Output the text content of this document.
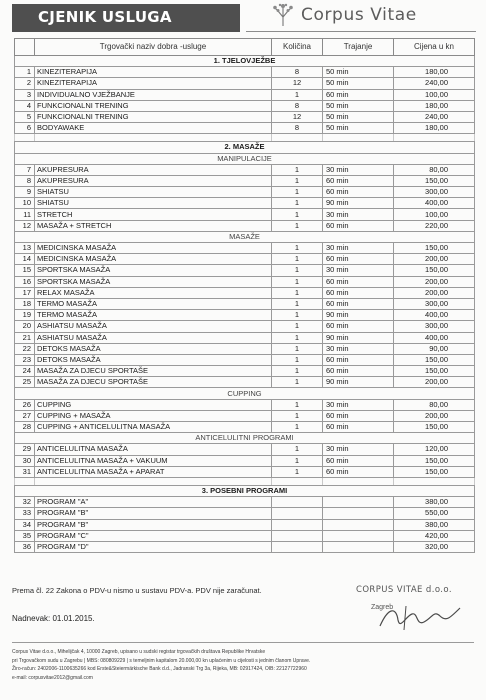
CJENIK USLUGA	Corpus Vitae
	Trgovački naziv dobra -usluge	Količina	Trajanje	Cijena u kn
1. TJELOVJEŽBE				
1	KINEZITERAPIJA	8	50 min	180,00
2	KINEZITERAPIJA	12	50 min	240,00
3	INDIVIDUALNO VJEŽBANJE	1	60 min	100,00
4	FUNKCIONALNI TRENING	8	50 min	180,00
5	FUNKCIONALNI TRENING	12	50 min	240,00
6	BODYAWAKE	8	50 min	180,00

2. MASAŽE				
MANIPULACIJE				
7	AKUPRESURA	1	30 min	80,00
8	AKUPRESURA	1	60 min	150,00
9	SHIATSU	1	60 min	300,00
10	SHIATSU	1	90 min	400,00
11	STRETCH	1	30 min	100,00
12	MASAŽA + STRETCH	1	60 min	220,00
MASAŽE				
13	MEDICINSKA MASAŽA	1	30 min	150,00
14	MEDICINSKA MASAŽA	1	60 min	200,00
15	SPORTSKA MASAŽA	1	30 min	150,00
16	SPORTSKA MASAŽA	1	60 min	200,00
17	RELAX MASAŽA	1	60 min	200,00
18	TERMO MASAŽA	1	60 min	300,00
19	TERMO MASAŽA	1	90 min	400,00
20	ASHIATSU MASAŽA	1	60 min	300,00
21	ASHIATSU MASAŽA	1	90 min	400,00
22	DETOKS MASAŽA	1	30 min	90,00
23	DETOKS MASAŽA	1	60 min	150,00
24	MASAŽA ZA DJECU SPORTAŠE	1	60 min	150,00
25	MASAŽA ZA DJECU SPORTAŠE	1	90 min	200,00
CUPPING				
26	CUPPING	1	30 min	80,00
27	CUPPING + MASAŽA	1	60 min	200,00
28	CUPPING + ANTICELULITNA MASAŽA	1	60 min	150,00
ANTICELULITNI PROGRAMI				
29	ANTICELULITNA MASAŽA	1	30 min	120,00
30	ANTICELULITNA MASAŽA + VAKUUM	1	60 min	150,00
31	ANTICELULITNA MASAŽA + APARAT	1	60 min	150,00

3. POSEBNI PROGRAMI				
32	PROGRAM "A"			380,00
33	PROGRAM "B"			550,00
34	PROGRAM "B"			380,00
35	PROGRAM "C"			420,00
36	PROGRAM "D"			320,00
Prema čl. 22 Zakona o PDV-u nismo u sustavu PDV-a. PDV nije zaračunat.	CORPUS VITAE d.o.o.
Zagreb
Nadnevak: 01.01.2015.
Corpus Vitae d.o.o., Mihelijčak 4, 10000 Zagreb, upisano u sudski registar trgovačkih društava Republike Hrvatske
pri Trgovačkom sudu u Zagrebu | MBS: 080809229 | s temeljnim kapitalom 20.000,00 kn uplaćenim u cijelosti s jednim članom Uprave.
Žiro-račun: 2402006-1100635266 kod Erste&Steiermärkische Bank d.d., Jadranski Trg 3a, Rijeka, MB: 02917424, OIB: 22127722960
e-mail: corpusvitae2012@gmail.com
